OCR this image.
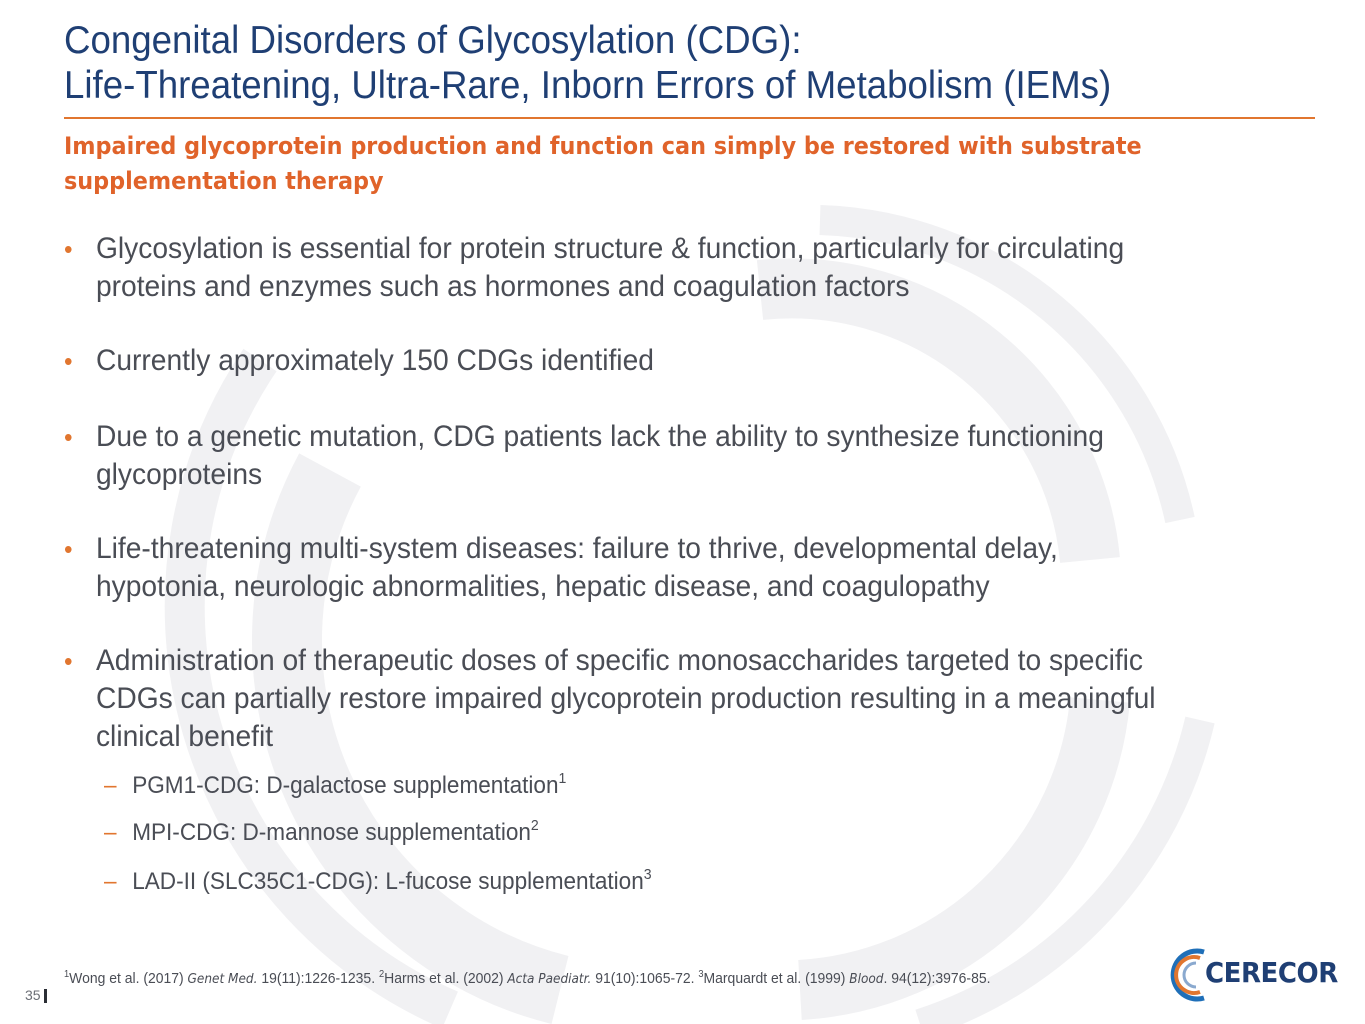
Congenital Disorders of Glycosylation (CDG):
Life-Threatening, Ultra-Rare, Inborn Errors of Metabolism (IEMs)

Impaired glycoprotein production and function can simply be restored with substrate
supplementation therapy

• Glycosylation is essential for protein structure & function, particularly for circulating
proteins and enzymes such as hormones and coagulation factors
• Currently approximately 150 CDGs identified
• Due to a genetic mutation, CDG patients lack the ability to synthesize functioning
glycoproteins
• Life-threatening multi-system diseases: failure to thrive, developmental delay,
hypotonia, neurologic abnormalities, hepatic disease, and coagulopathy
• Administration of therapeutic doses of specific monosaccharides targeted to specific
CDGs can partially restore impaired glycoprotein production resulting in a meaningful
clinical benefit
– PGM1-CDG: D-galactose supplementation$^1$
– MPI-CDG: D-mannose supplementation$^2$
– LAD-II (SLC35C1-CDG): L-fucose supplementation$^3$
$^1$Wong et al. (2017) Genet Med. 19(11):1226-1235. $^2$Harms et al. (2002) Acta Paediatr. 91(10):1065-72. $^3$Marquardt et al. (1999) Blood. 94(12):3976-85.
35
CERECOR
